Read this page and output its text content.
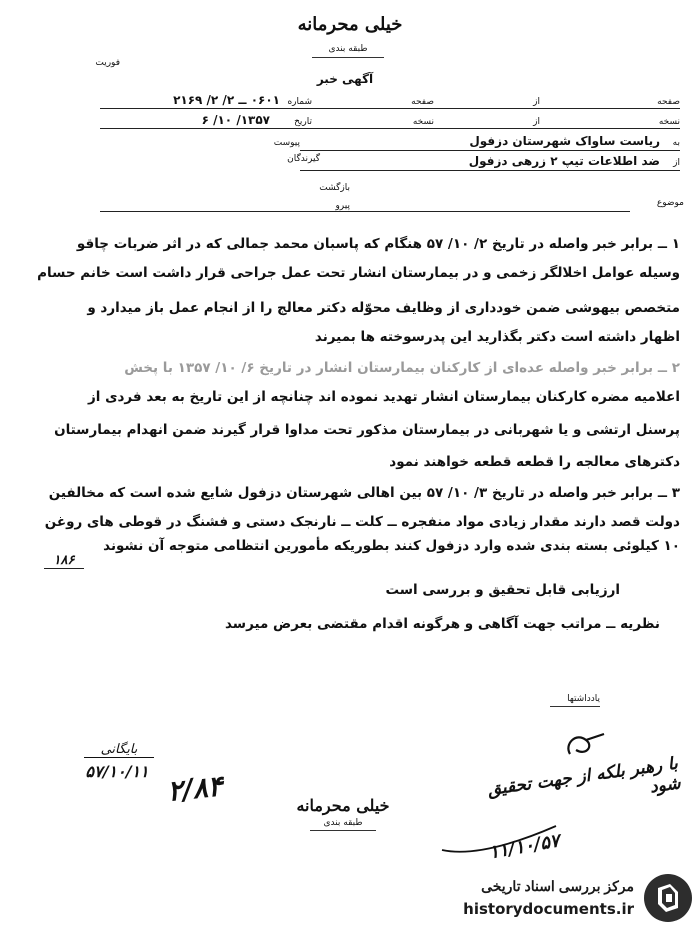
خیلی محرمانه
طبقه بندی
فوریت
آگهی خبر
صفحه
از
صفحه
شماره
۰۶۰۱ ــ ۲/ ۲/ ۲۱۶۹
نسخه
از
نسخه
تاریخ
۱۳۵۷/ ۱۰/ ۶
به
ریاست ساواک شهرستان دزفول
پیوست
از
ضد اطلاعات تیپ ۲ زرهی دزفول
گیرندگان
بازگشت
پیرو	موضوع
۱ ــ برابر خبر واصله در تاریخ ۲/ ۱۰/ ۵۷ هنگام که پاسبان محمد جمالی که در اثر ضربات چاقو
وسیله عوامل اخلالگر زخمی و در بیمارستان انشار تحت عمل جراحی قرار داشت است خانم حسام
متخصص بیهوشی ضمن خودداری از وظایف محوّله دکتر معالج را از انجام عمل باز میدارد و
اظهار داشته است دکتر بگذارید این پدرسوخته ها بمیرند
۲ ــ برابر خبر واصله عده‌ای از کارکنان بیمارستان انشار در تاریخ ۶/ ۱۰/ ۱۳۵۷ با پخش
اعلامیه مضره کارکنان بیمارستان انشار تهدید نموده اند چنانچه از این تاریخ به بعد فردی از
پرسنل ارتشی و یا شهربانی در بیمارستان مذکور تحت مداوا قرار گیرند ضمن انهدام بیمارستان
دکترهای معالجه را قطعه قطعه خواهند نمود
۳ ــ برابر خبر واصله در تاریخ ۳/ ۱۰/ ۵۷ بین اهالی شهرستان دزفول شایع شده است که مخالفین
دولت قصد دارند مقدار زیادی مواد منفجره ــ کلت ــ نارنجک دستی و فشنگ در قوطی های روغن
۱۰ کیلوئی بسته بندی شده وارد دزفول کنند بطوریکه مأمورین انتظامی متوجه آن نشوند
۱۸۶
ارزیابی قابل تحقیق و بررسی است
نظریه ــ مراتب جهت آگاهی و هرگونه اقدام مقتضی بعرض میرسد
یادداشتها
بایگانی
۵۷/۱۰/۱۱ ۲/۸۴	با رهبر بلکه از جهت تحقیق شود
۱۱/۱۰/۵۷
خیلی محرمانه
طبقه بندی
مرکز بررسی اسناد تاریخی
historydocuments.ir
